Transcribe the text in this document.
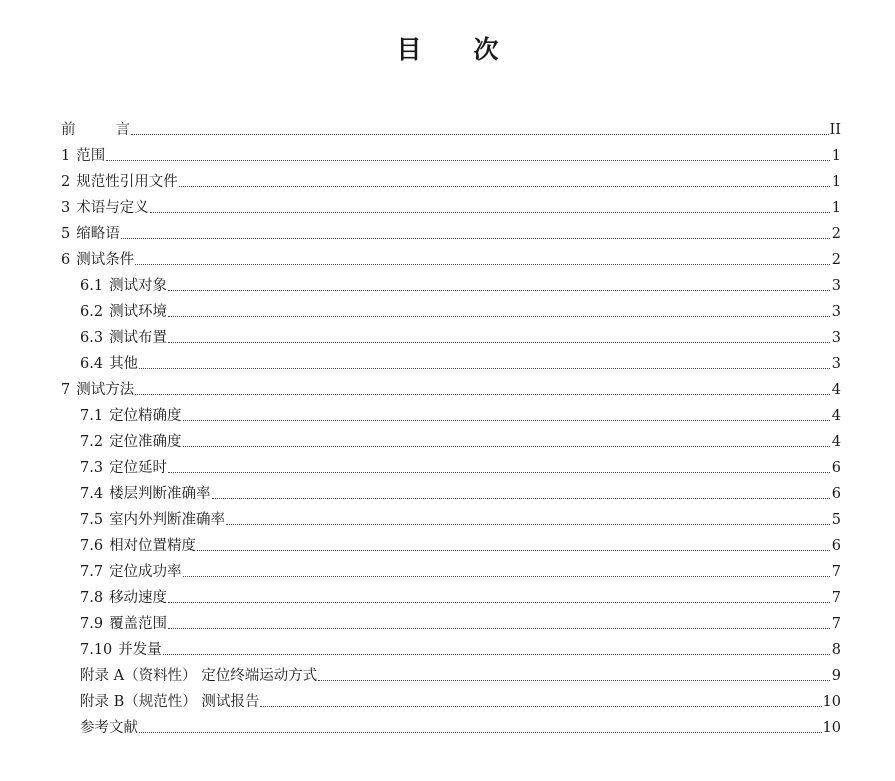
目 次
前	言	II
1 范围	1
2 规范性引用文件	1
3 术语与定义	1
5 缩略语	2
6 测试条件	2
6.1 测试对象	3
6.2 测试环境	3
6.3 测试布置	3
6.4 其他	3
7 测试方法	4
7.1 定位精确度	4
7.2 定位准确度	4
7.3 定位延时	6
7.4 楼层判断准确率	6
7.5 室内外判断准确率	5
7.6 相对位置精度	6
7.7 定位成功率	7
7.8 移动速度	7
7.9 覆盖范围	7
7.10 并发量	8
附录 A（资料性） 定位终端运动方式	9
附录 B（规范性） 测试报告	10
参考文献	10
